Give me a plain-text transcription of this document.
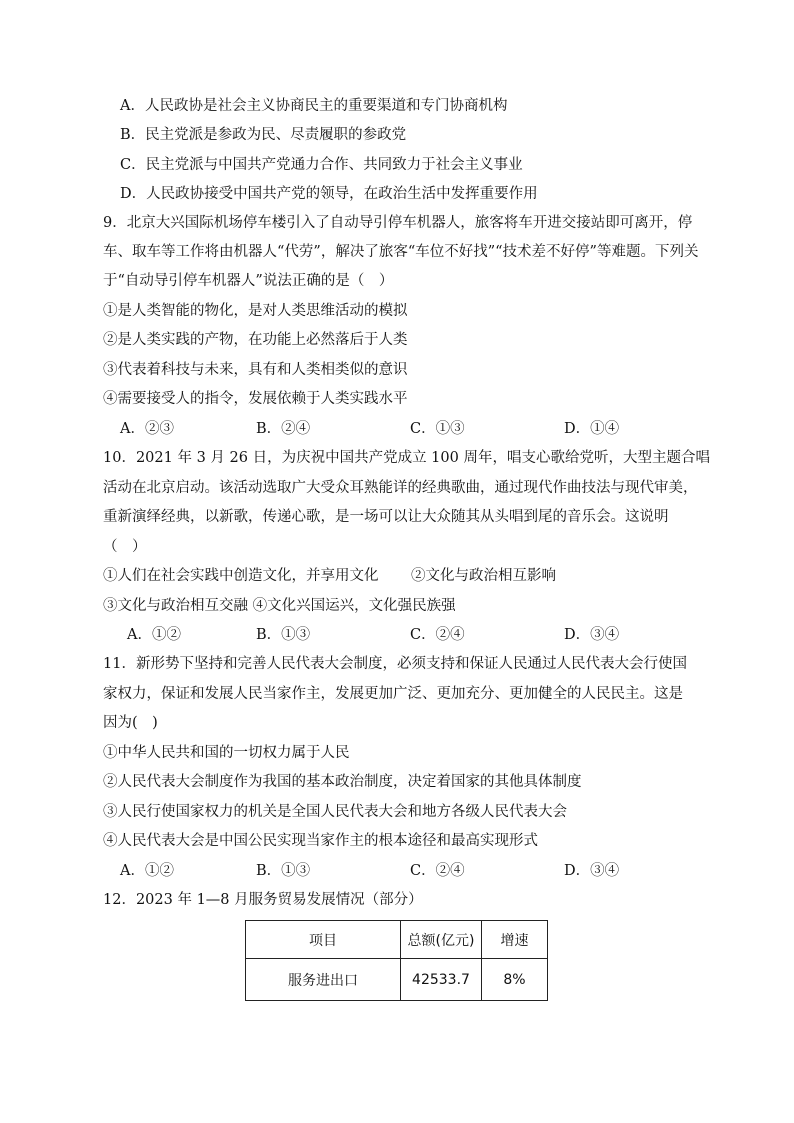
A．人民政协是社会主义协商民主的重要渠道和专门协商机构
B．民主党派是参政为民、尽责履职的参政党
C．民主党派与中国共产党通力合作、共同致力于社会主义事业
D．人民政协接受中国共产党的领导，在政治生活中发挥重要作用
9．北京大兴国际机场停车楼引入了自动导引停车机器人，旅客将车开进交接站即可离开，停
车、取车等工作将由机器人“代劳”，解决了旅客“车位不好找”“技术差不好停”等难题。下列关
于“自动导引停车机器人”说法正确的是（　）
①是人类智能的物化，是对人类思维活动的模拟
②是人类实践的产物，在功能上必然落后于人类
③代表着科技与未来，具有和人类相类似的意识
④需要接受人的指令，发展依赖于人类实践水平
A．②③	B．②④	C．①③	D．①④
10．2021 年 3 月 26 日，为庆祝中国共产党成立 100 周年，唱支心歌给党听，大型主题合唱
活动在北京启动。该活动选取广大受众耳熟能详的经典歌曲，通过现代作曲技法与现代审美，
重新演绎经典，以新歌，传递心歌，是一场可以让大众随其从头唱到尾的音乐会。这说明
（　）
①人们在社会实践中创造文化，并享用文化 ②文化与政治相互影响
③文化与政治相互交融 ④文化兴国运兴，文化强民族强
A．①②	B．①③	C．②④	D．③④
11．新形势下坚持和完善人民代表大会制度，必须支持和保证人民通过人民代表大会行使国
家权力，保证和发展人民当家作主，发展更加广泛、更加充分、更加健全的人民民主。这是
因为(　)
①中华人民共和国的一切权力属于人民
②人民代表大会制度作为我国的基本政治制度，决定着国家的其他具体制度
③人民行使国家权力的机关是全国人民代表大会和地方各级人民代表大会
④人民代表大会是中国公民实现当家作主的根本途径和最高实现形式
A．①②	B．①③	C．②④	D．③④
12．2023 年 1—8 月服务贸易发展情况（部分）
项目	总额(亿元)	增速
服务进出口	42533.7	8%
